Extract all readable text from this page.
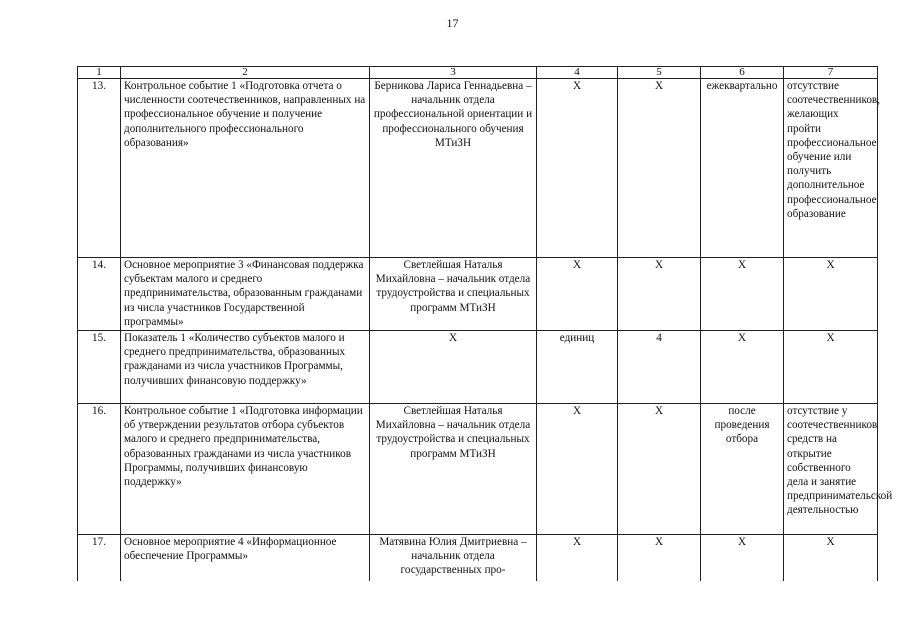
17
1	2	3	4	5	6	7
13.	Контрольное событие 1 «Подготовка отчета о численности соотечественников, направленных на профессиональное обучение и получение дополнительного профессионального образования»	Берникова Лариса Геннадьевна – начальник отдела профессиональной ориентации и профессионального обучения МТиЗН	X	X	ежеквартально	отсутствие соотечественников, желающих пройти профессиональное обучение или получить дополнительное профессиональное образование
14.	Основное мероприятие 3 «Финансовая поддержка субъектам малого и среднего предпринимательства, образованным гражданами из числа участников Государственной программы»	Светлейшая Наталья Михайловна – начальник отдела трудоустройства и специальных программ МТиЗН	X	X	X	X
15.	Показатель 1 «Количество субъектов малого и среднего предпринимательства, образованных гражданами из числа участников Программы, получивших финансовую поддержку»	X	единиц	4	X	X
16.	Контрольное событие 1 «Подготовка информации об утверждении результатов отбора субъектов малого и среднего предпринимательства, образованных гражданами из числа участников Программы, получивших финансовую поддержку»	Светлейшая Наталья Михайловна – начальник отдела трудоустройства и специальных программ МТиЗН	X	X	после проведения отбора	отсутствие у соотечественников средств на открытие собственного дела и занятие предпринимательской деятельностью
17.	Основное мероприятие 4 «Информационное обеспечение Программы»	Матявина Юлия Дмитриевна – начальник отдела государственных про-	X	X	X	X
